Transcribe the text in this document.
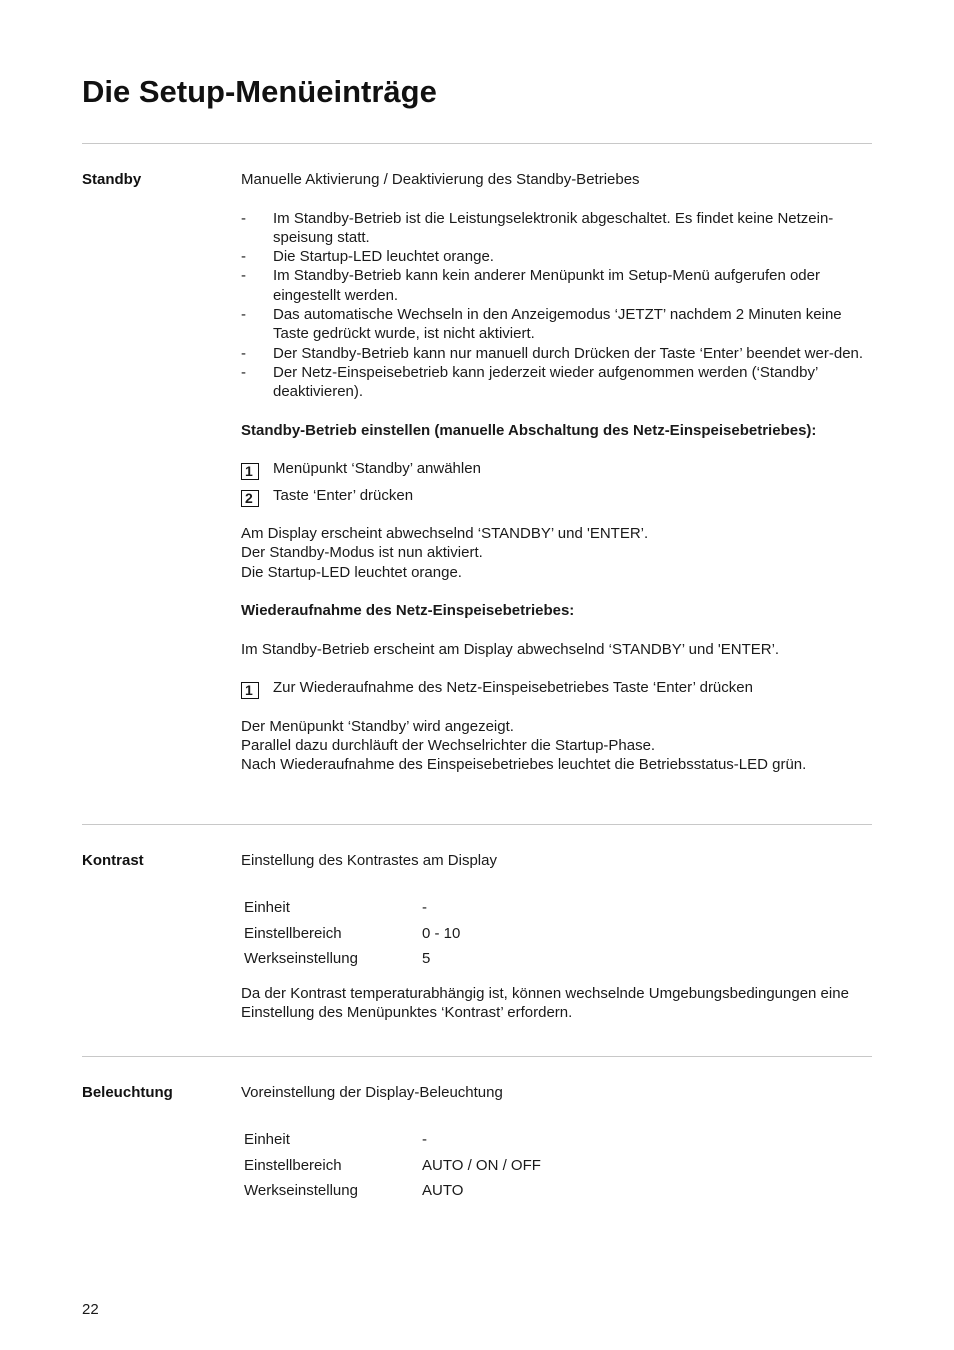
Die Setup-Menüeinträge
Standby	Manuelle Aktivierung / Deaktivierung des Standby-Betriebes

- Im Standby-Betrieb ist die Leistungselektronik abgeschaltet. Es findet keine Netzein-speisung statt.
- Die Startup-LED leuchtet orange.
- Im Standby-Betrieb kann kein anderer Menüpunkt im Setup-Menü aufgerufen oder eingestellt werden.
- Das automatische Wechseln in den Anzeigemodus ‘JETZT’ nachdem 2 Minuten keine Taste gedrückt wurde, ist nicht aktiviert.
- Der Standby-Betrieb kann nur manuell durch Drücken der Taste ‘Enter’ beendet wer-den.
- Der Netz-Einspeisebetrieb kann jederzeit wieder aufgenommen werden (‘Standby’ deaktivieren).

Standby-Betrieb einstellen (manuelle Abschaltung des Netz-Einspeisebetriebes):

1	Menüpunkt ‘Standby’ anwählen
2	Taste ‘Enter’ drücken

Am Display erscheint abwechselnd ‘STANDBY’ und 'ENTER’.

Der Standby-Modus ist nun aktiviert.

Die Startup-LED leuchtet orange.

Wiederaufnahme des Netz-Einspeisebetriebes:

Im Standby-Betrieb erscheint am Display abwechselnd ‘STANDBY’ und 'ENTER’.

1	Zur Wiederaufnahme des Netz-Einspeisebetriebes Taste ‘Enter’ drücken

Der Menüpunkt ‘Standby’ wird angezeigt.

Parallel dazu durchläuft der Wechselrichter die Startup-Phase.

Nach Wiederaufnahme des Einspeisebetriebes leuchtet die Betriebsstatus-LED grün.

Kontrast	Einstellung des Kontrastes am Display

Einheit	-
Einstellbereich	0 - 10
Werkseinstellung	5

Da der Kontrast temperaturabhängig ist, können wechselnde Umgebungsbedingungen eine Einstellung des Menüpunktes ‘Kontrast’ erfordern.

Beleuchtung	Voreinstellung der Display-Beleuchtung

Einheit	-
Einstellbereich	AUTO / ON / OFF
Werkseinstellung	AUTO
22
